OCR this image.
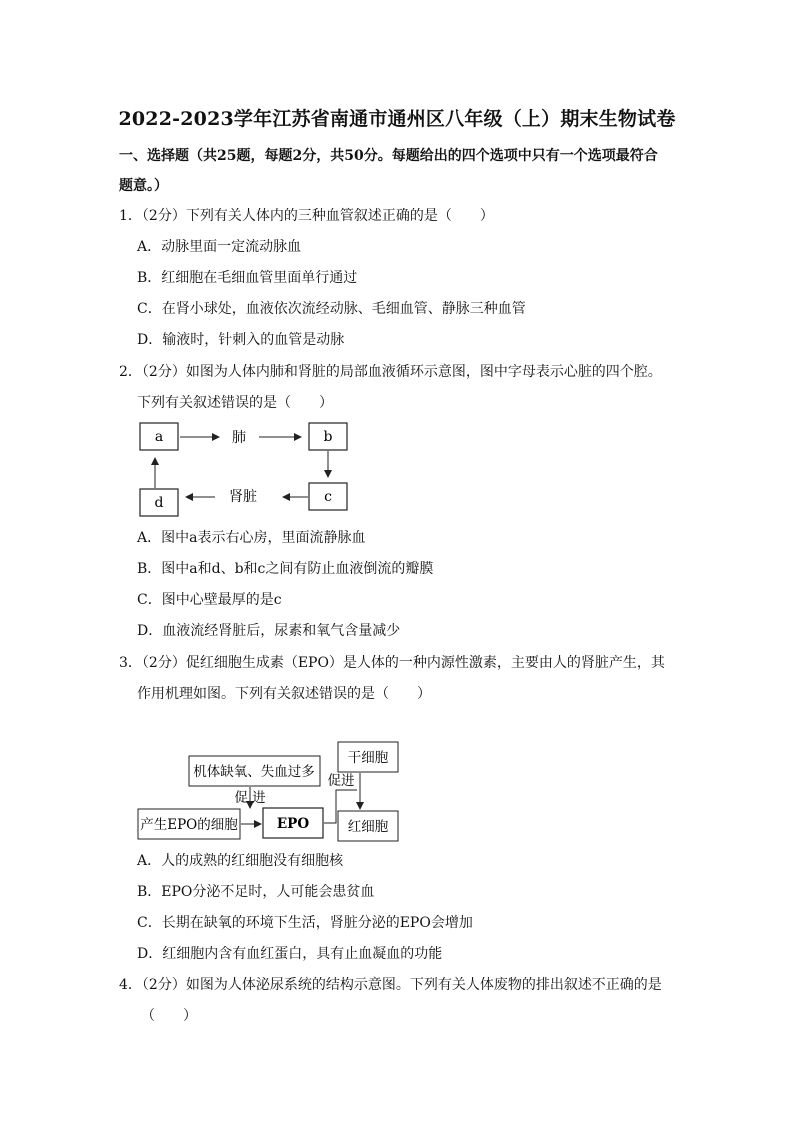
2022-2023学年江苏省南通市通州区八年级（上）期末生物试卷
一、选择题（共25题，每题2分，共50分。每题给出的四个选项中只有一个选项最符合
题意。）
1．（2分）下列有关人体内的三种血管叙述正确的是（　　）
A．动脉里面一定流动脉血
B．红细胞在毛细血管里面单行通过
C．在肾小球处，血液依次流经动脉、毛细血管、静脉三种血管
D．输液时，针刺入的血管是动脉
2．（2分）如图为人体内肺和肾脏的局部血液循环示意图，图中字母表示心脏的四个腔。
下列有关叙述错误的是（　　）
a	b
c
d
肺
肾脏
A．图中a表示右心房，里面流静脉血
B．图中a和d、b和c之间有防止血液倒流的瓣膜
C．图中心壁最厚的是c
D．血液流经肾脏后，尿素和氧气含量减少
3．（2分）促红细胞生成素（EPO）是人体的一种内源性激素，主要由人的肾脏产生，其
作用机理如图。下列有关叙述错误的是（　　）
机体缺氧、失血过多
干细胞
产生EPO的细胞	EPO	红细胞
促 进
促进
A．人的成熟的红细胞没有细胞核
B．EPO分泌不足时，人可能会患贫血
C．长期在缺氧的环境下生活，肾脏分泌的EPO会增加
D．红细胞内含有血红蛋白，具有止血凝血的功能
4．（2分）如图为人体泌尿系统的结构示意图。下列有关人体废物的排出叙述不正确的是
（　　）
